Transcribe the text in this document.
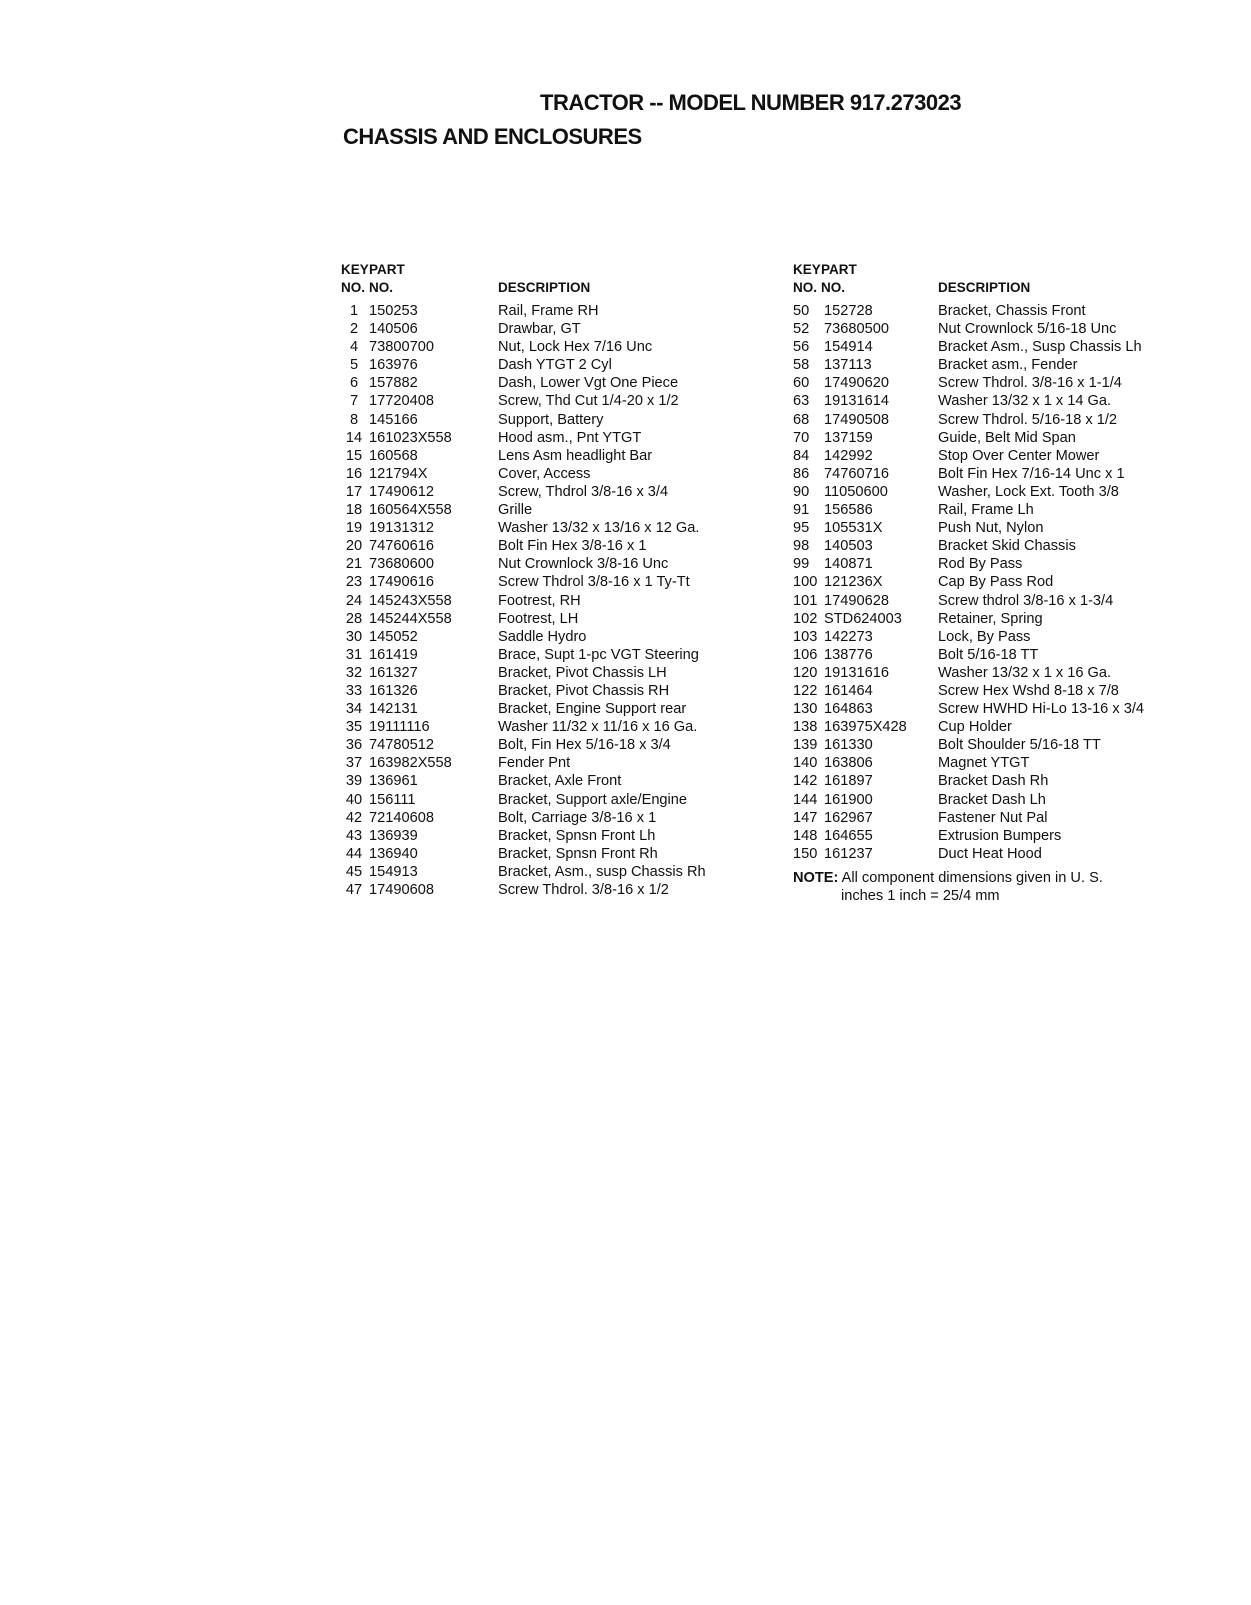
TRACTOR -- MODEL NUMBER 917.273023
CHASSIS AND ENCLOSURES
KEY PART
NO. NO.	DESCRIPTION
1 150253	Rail, Frame RH
2 140506	Drawbar, GT
4 73800700	Nut, Lock Hex 7/16 Unc
5 163976	Dash YTGT 2 Cyl
6 157882	Dash, Lower Vgt One Piece
7 17720408	Screw, Thd Cut 1/4-20 x 1/2
8 145166	Support, Battery
14 161023X558	Hood asm., Pnt YTGT
15 160568	Lens Asm headlight Bar
16 121794X	Cover, Access
17 17490612	Screw, Thdrol 3/8-16 x 3/4
18 160564X558	Grille
19 19131312	Washer 13/32 x 13/16 x 12 Ga.
20 74760616	Bolt Fin Hex 3/8-16 x 1
21 73680600	Nut Crownlock 3/8-16 Unc
23 17490616	Screw Thdrol 3/8-16 x 1 Ty-Tt
24 145243X558	Footrest, RH
28 145244X558	Footrest, LH
30 145052	Saddle Hydro
31 161419	Brace, Supt 1-pc VGT Steering
32 161327	Bracket, Pivot Chassis LH
33 161326	Bracket, Pivot Chassis RH
34 142131	Bracket, Engine Support rear
35 19111116	Washer 11/32 x 11/16 x 16 Ga.
36 74780512	Bolt, Fin Hex 5/16-18 x 3/4
37 163982X558	Fender Pnt
39 136961	Bracket, Axle Front
40 156111	Bracket, Support axle/Engine
42 72140608	Bolt, Carriage 3/8-16 x 1
43 136939	Bracket, Spnsn Front Lh
44 136940	Bracket, Spnsn Front Rh
45 154913	Bracket, Asm., susp Chassis Rh
47 17490608	Screw Thdrol. 3/8-16 x 1/2
KEY PART
NO. NO.	DESCRIPTION
50	152728	Bracket, Chassis Front
52	73680500	Nut Crownlock 5/16-18 Unc
56	154914	Bracket Asm., Susp Chassis Lh
58	137113	Bracket asm., Fender
60	17490620	Screw Thdrol. 3/8-16 x 1-1/4
63	19131614	Washer 13/32 x 1 x 14 Ga.
68	17490508	Screw Thdrol. 5/16-18 x 1/2
70	137159	Guide, Belt Mid Span
84	142992	Stop Over Center Mower
86	74760716	Bolt Fin Hex 7/16-14 Unc x 1
90	11050600	Washer, Lock Ext. Tooth 3/8
91	156586	Rail, Frame Lh
95	105531X	Push Nut, Nylon
98	140503	Bracket Skid Chassis
99	140871	Rod By Pass
100 121236X	Cap By Pass Rod
101 17490628	Screw thdrol 3/8-16 x 1-3/4
102 STD624003 Retainer, Spring
103 142273	Lock, By Pass
106 138776	Bolt 5/16-18 TT
120 19131616	Washer 13/32 x 1 x 16 Ga.
122 161464	Screw Hex Wshd 8-18 x 7/8
130 164863	Screw HWHD Hi-Lo 13-16 x 3/4
138 163975X428 Cup Holder
139 161330	Bolt Shoulder 5/16-18 TT
140 163806	Magnet YTGT
142 161897	Bracket Dash Rh
144 161900	Bracket Dash Lh
147 162967	Fastener Nut Pal
148 164655	Extrusion Bumpers
150 161237	Duct Heat Hood
NOTE: All component dimensions given in U. S.
inches 1 inch = 25/4 mm
